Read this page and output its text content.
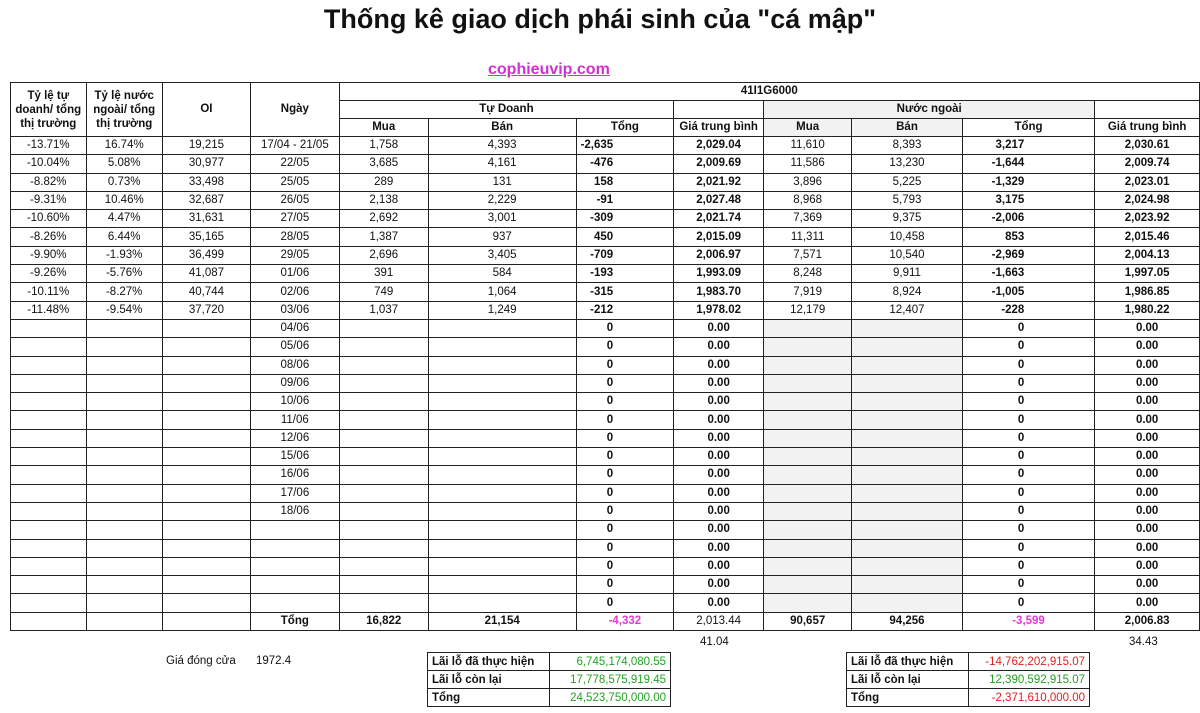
Thống kê giao dịch phái sinh của "cá mập"
cophieuvip.com
Tỷ lệ tự doanh/ tổng thị trường	Tỷ lệ nước ngoài/ tổng thị trường	OI	Ngày	41I1G6000							
				Tự Doanh				Nước ngoài			
				Mua	Bán	Tổng	Giá trung bình	Mua	Bán	Tổng	Giá trung bình
-13.71%	16.74%	19,215	17/04 - 21/05	1,758	4,393	-2,635	2,029.04	11,610	8,393	3,217	2,030.61
-10.04%	5.08%	30,977	22/05	3,685	4,161	-476	2,009.69	11,586	13,230	-1,644	2,009.74
-8.82%	0.73%	33,498	25/05	289	131	158	2,021.92	3,896	5,225	-1,329	2,023.01
-9.31%	10.46%	32,687	26/05	2,138	2,229	-91	2,027.48	8,968	5,793	3,175	2,024.98
-10.60%	4.47%	31,631	27/05	2,692	3,001	-309	2,021.74	7,369	9,375	-2,006	2,023.92
-8.26%	6.44%	35,165	28/05	1,387	937	450	2,015.09	11,311	10,458	853	2,015.46
-9.90%	-1.93%	36,499	29/05	2,696	3,405	-709	2,006.97	7,571	10,540	-2,969	2,004.13
-9.26%	-5.76%	41,087	01/06	391	584	-193	1,993.09	8,248	9,911	-1,663	1,997.05
-10.11%	-8.27%	40,744	02/06	749	1,064	-315	1,983.70	7,919	8,924	-1,005	1,986.85
-11.48%	-9.54%	37,720	03/06	1,037	1,249	-212	1,978.02	12,179	12,407	-228	1,980.22
			04/06			0	0.00			0	0.00
			05/06			0	0.00			0	0.00
			08/06			0	0.00			0	0.00
			09/06			0	0.00			0	0.00
			10/06			0	0.00			0	0.00
			11/06			0	0.00			0	0.00
			12/06			0	0.00			0	0.00
			15/06			0	0.00			0	0.00
			16/06			0	0.00			0	0.00
			17/06			0	0.00			0	0.00
			18/06			0	0.00			0	0.00
						0	0.00			0	0.00
						0	0.00			0	0.00
						0	0.00			0	0.00
						0	0.00			0	0.00
						0	0.00			0	0.00
			Tổng	16,822	21,154	-4,332	2,013.44	90,657	94,256	-3,599	2,006.83
41.04	34.43
Giá đóng cửa 1972.4	Lãi lỗ đã thực hiện	6,745,174,080.55
Lãi lỗ còn lại	17,778,575,919.45
Tổng	24,523,750,000.00
Lãi lỗ đã thực hiện	-14,762,202,915.07
Lãi lỗ còn lại	12,390,592,915.07
Tổng	-2,371,610,000.00
